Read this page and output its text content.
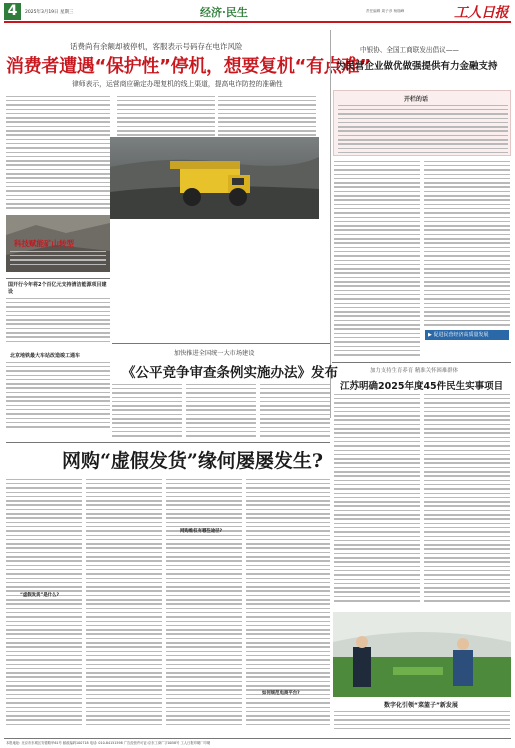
4	2025年3月19日 星期三	经济·民生	责任编辑 周子彦 杨瑞峰	工人日报
话费尚有余额却被停机，客服表示号码存在电诈风险
消费者遭遇“保护性”停机，想要复机“有点难”
律师表示，运营商应确定办理复机的线上渠道，提高电诈防控的准确性
科技赋能矿山转型
国开行今年将2个百亿元支持清洁能源项目建设
北京地铁最大车站改造竣工通车
中银协、全国工商联发出倡议——
为民营企业做优做强提供有力金融支持
开栏的话
▶ 促进民营经济高质量发展
加快推进全国统一大市场建设
《公平竞争审查条例实施办法》发布	加力支持生育养育 精准关怀困难群体
江苏明确2025年度45件民生实事项目
网购“虚假发货”缘何屡屡发生?
“虚假发货”是什么?
网购维权有哪些途径?
如何规范电商平台?
数字化引领“菜篮子”新发展
本报地址: 北京市东城区安德路甲61号 邮政编码100718 电话: 010-84151598 广告经营许可证:京东工商广字0058号 工人日报印刷厂印刷
